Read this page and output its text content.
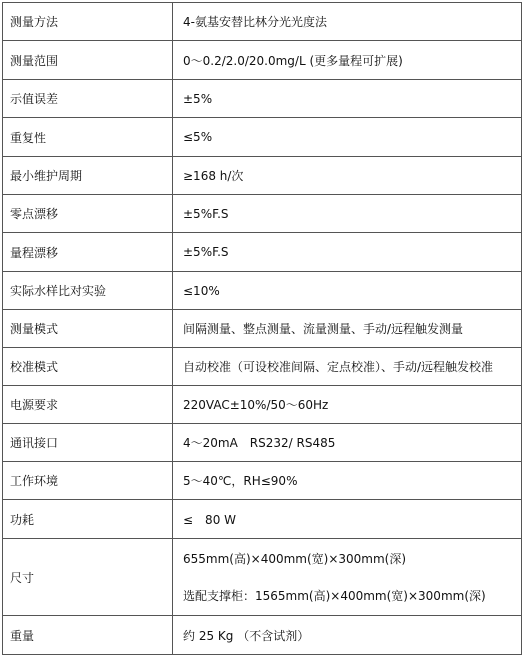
测量方法	4-氨基安替比林分光光度法
测量范围	0～0.2/2.0/20.0mg/L (更多量程可扩展)
示值误差	±5%
重复性	≤5%
最小维护周期	≥168 h/次
零点漂移	±5%F.S
量程漂移	±5%F.S
实际水样比对实验	≤10%
测量模式	间隔测量、整点测量、流量测量、手动/远程触发测量
校准模式	自动校准（可设校准间隔、定点校准）、手动/远程触发校准
电源要求	220VAC±10%/50～60Hz
通讯接口	4～20mA　RS232/ RS485
工作环境	5～40℃，RH≤90%
功耗	≤　80 W
尺寸	655mm(高)×400mm(宽)×300mm(深)
选配支撑柜：1565mm(高)×400mm(宽)×300mm(深)

重量	约 25 Kg （不含试剂）
